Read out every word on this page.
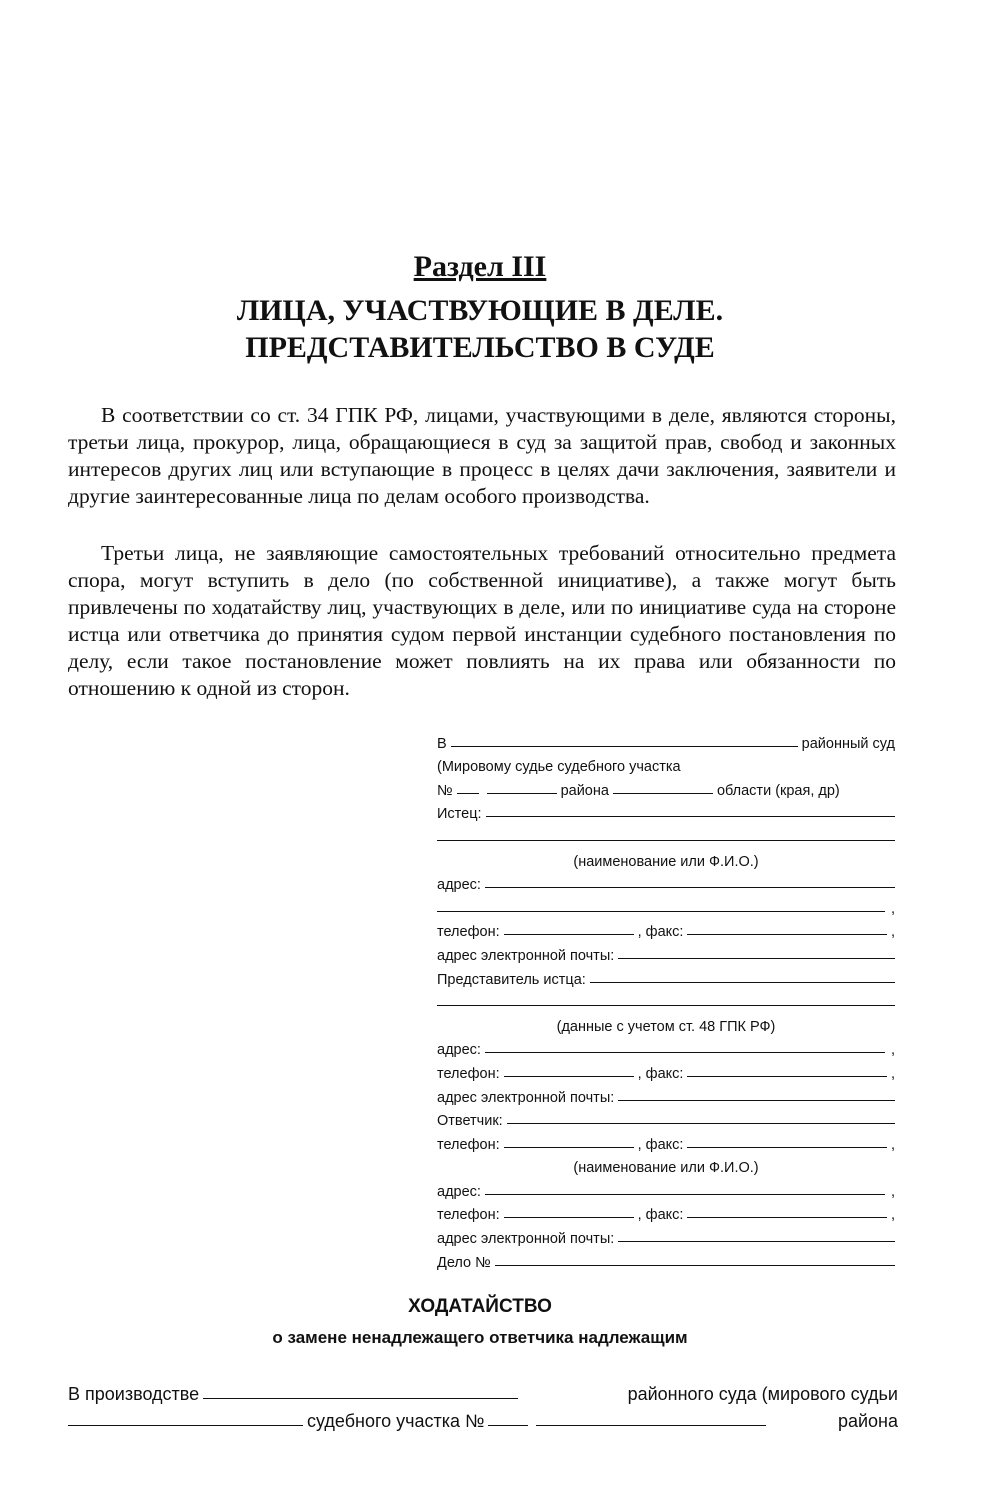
Раздел III
ЛИЦА, УЧАСТВУЮЩИЕ В ДЕЛЕ.
ПРЕДСТАВИТЕЛЬСТВО В СУДЕ

В соответствии со ст. 34 ГПК РФ, лицами, участвующими в деле, являются стороны, третьи лица, прокурор, лица, обращающиеся в суд за защитой прав, свобод и законных интересов других лиц или вступающие в процесс в целях дачи заключения, заявители и другие заинтересованные лица по делам особого производства.

Третьи лица, не заявляющие самостоятельных требований относительно предмета спора, могут вступить в дело (по собственной инициативе), а также могут быть привлечены по ходатайству лиц, участвующих в деле, или по инициативе суда на стороне истца или ответчика до принятия судом первой инстанции судебного постановления по делу, если такое постановление может повлиять на их права или обязанности по отношению к одной из сторон.

В	районный суд
(Мировому судье судебного участка
№	района	области (края, др)
Истец:
(наименование или Ф.И.О.)
адрес:
,
телефон:	, факс:	,
адрес электронной почты:
Представитель истца:
(данные с учетом ст. 48 ГПК РФ)
адрес:	,
телефон:	, факс:	,
адрес электронной почты:
Ответчик:
телефон:	, факс:	,
(наименование или Ф.И.О.)
адрес:	,
телефон:	, факс:	,
адрес электронной почты:
Дело №
ХОДАТАЙСТВО
о замене ненадлежащего ответчика надлежащим
В производстве	районного суда (мирового судьи
судебного участка №	района
